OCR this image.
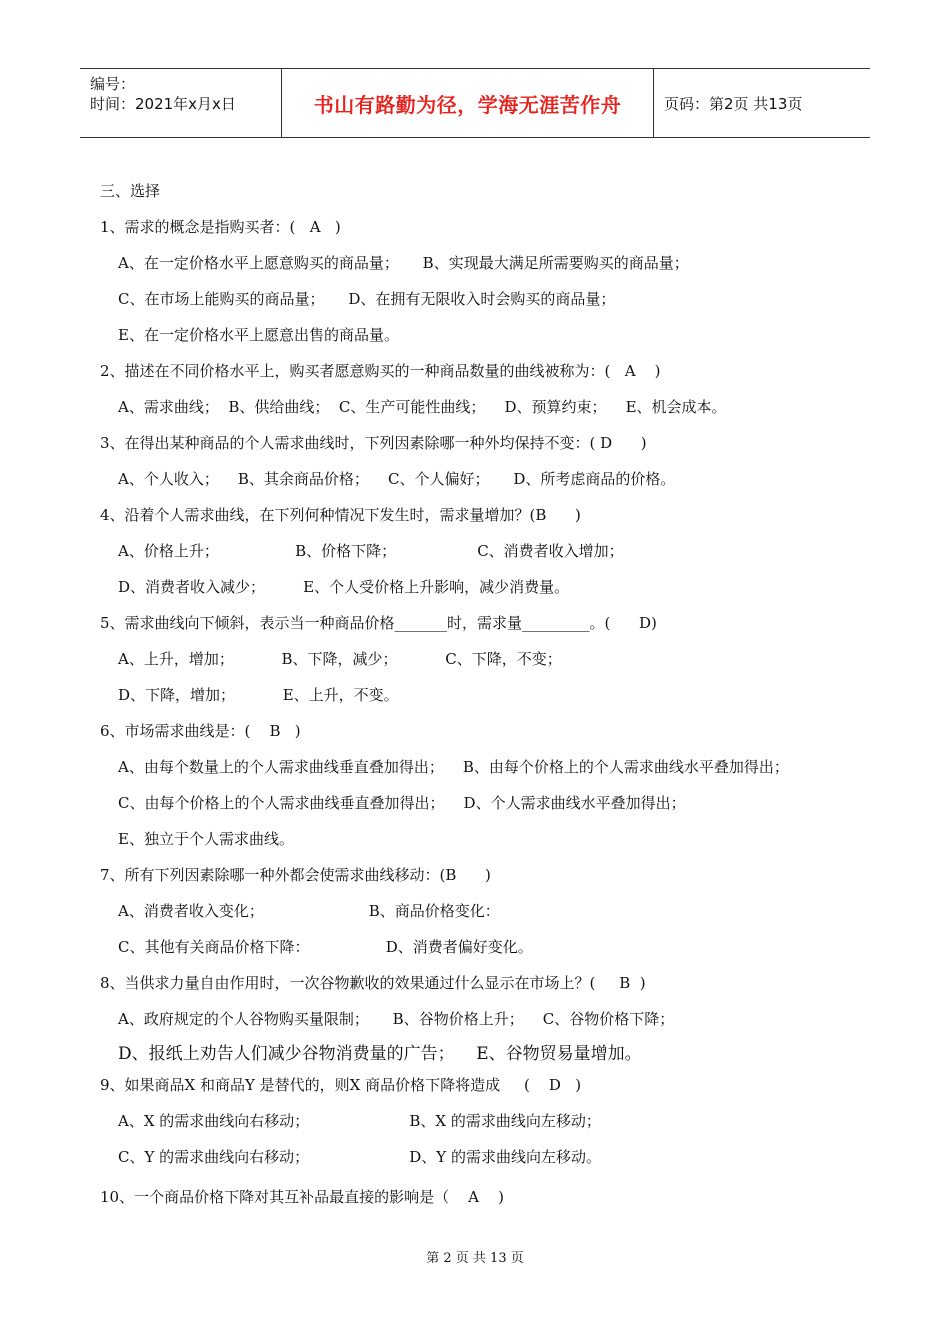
编号：
时间：2021年x月x日	书山有路勤为径，学海无涯苦作舟	页码：第2页 共13页
三、选择
1、需求的概念是指购买者：(   A   )
A、在一定价格水平上愿意购买的商品量；     B、实现最大满足所需要购买的商品量；
C、在市场上能购买的商品量；     D、在拥有无限收入时会购买的商品量；
E、在一定价格水平上愿意出售的商品量。
2、描述在不同价格水平上，购买者愿意购买的一种商品数量的曲线被称为：(   A    )
A、需求曲线；  B、供给曲线；  C、生产可能性曲线；    D、预算约束；    E、机会成本。
3、在得出某种商品的个人需求曲线时，下列因素除哪一种外均保持不变：( D      )
A、个人收入；    B、其余商品价格；    C、个人偏好；     D、所考虑商品的价格。
4、沿着个人需求曲线，在下列何种情况下发生时，需求量增加？(B      )
A、价格上升；                B、价格下降；                 C、消费者收入增加；
D、消费者收入减少；        E、个人受价格上升影响，减少消费量。
5、需求曲线向下倾斜，表示当一种商品价格_______时，需求量_________。(      D)
A、上升，增加；          B、下降，减少；          C、下降，不变；
D、下降，增加；          E、上升，不变。
6、市场需求曲线是：(    B   )
A、由每个数量上的个人需求曲线垂直叠加得出；    B、由每个价格上的个人需求曲线水平叠加得出；
C、由每个价格上的个人需求曲线垂直叠加得出；    D、个人需求曲线水平叠加得出；
E、独立于个人需求曲线。
7、所有下列因素除哪一种外都会使需求曲线移动：(B      )
A、消费者收入变化；                      B、商品价格变化：
C、其他有关商品价格下降：                D、消费者偏好变化。
8、当供求力量自由作用时，一次谷物歉收的效果通过什么显示在市场上？(     B  )
A、政府规定的个人谷物购买量限制；     B、谷物价格上升；    C、谷物价格下降；
D、报纸上劝告人们减少谷物消费量的广告；    E、谷物贸易量增加。
9、如果商品X 和商品Y 是替代的，则X 商品价格下降将造成     (    D   )
A、X 的需求曲线向右移动；                     B、X 的需求曲线向左移动；
C、Y 的需求曲线向右移动；                     D、Y 的需求曲线向左移动。
10、一个商品价格下降对其互补品最直接的影响是（    A    )
第 2 页 共 13 页
